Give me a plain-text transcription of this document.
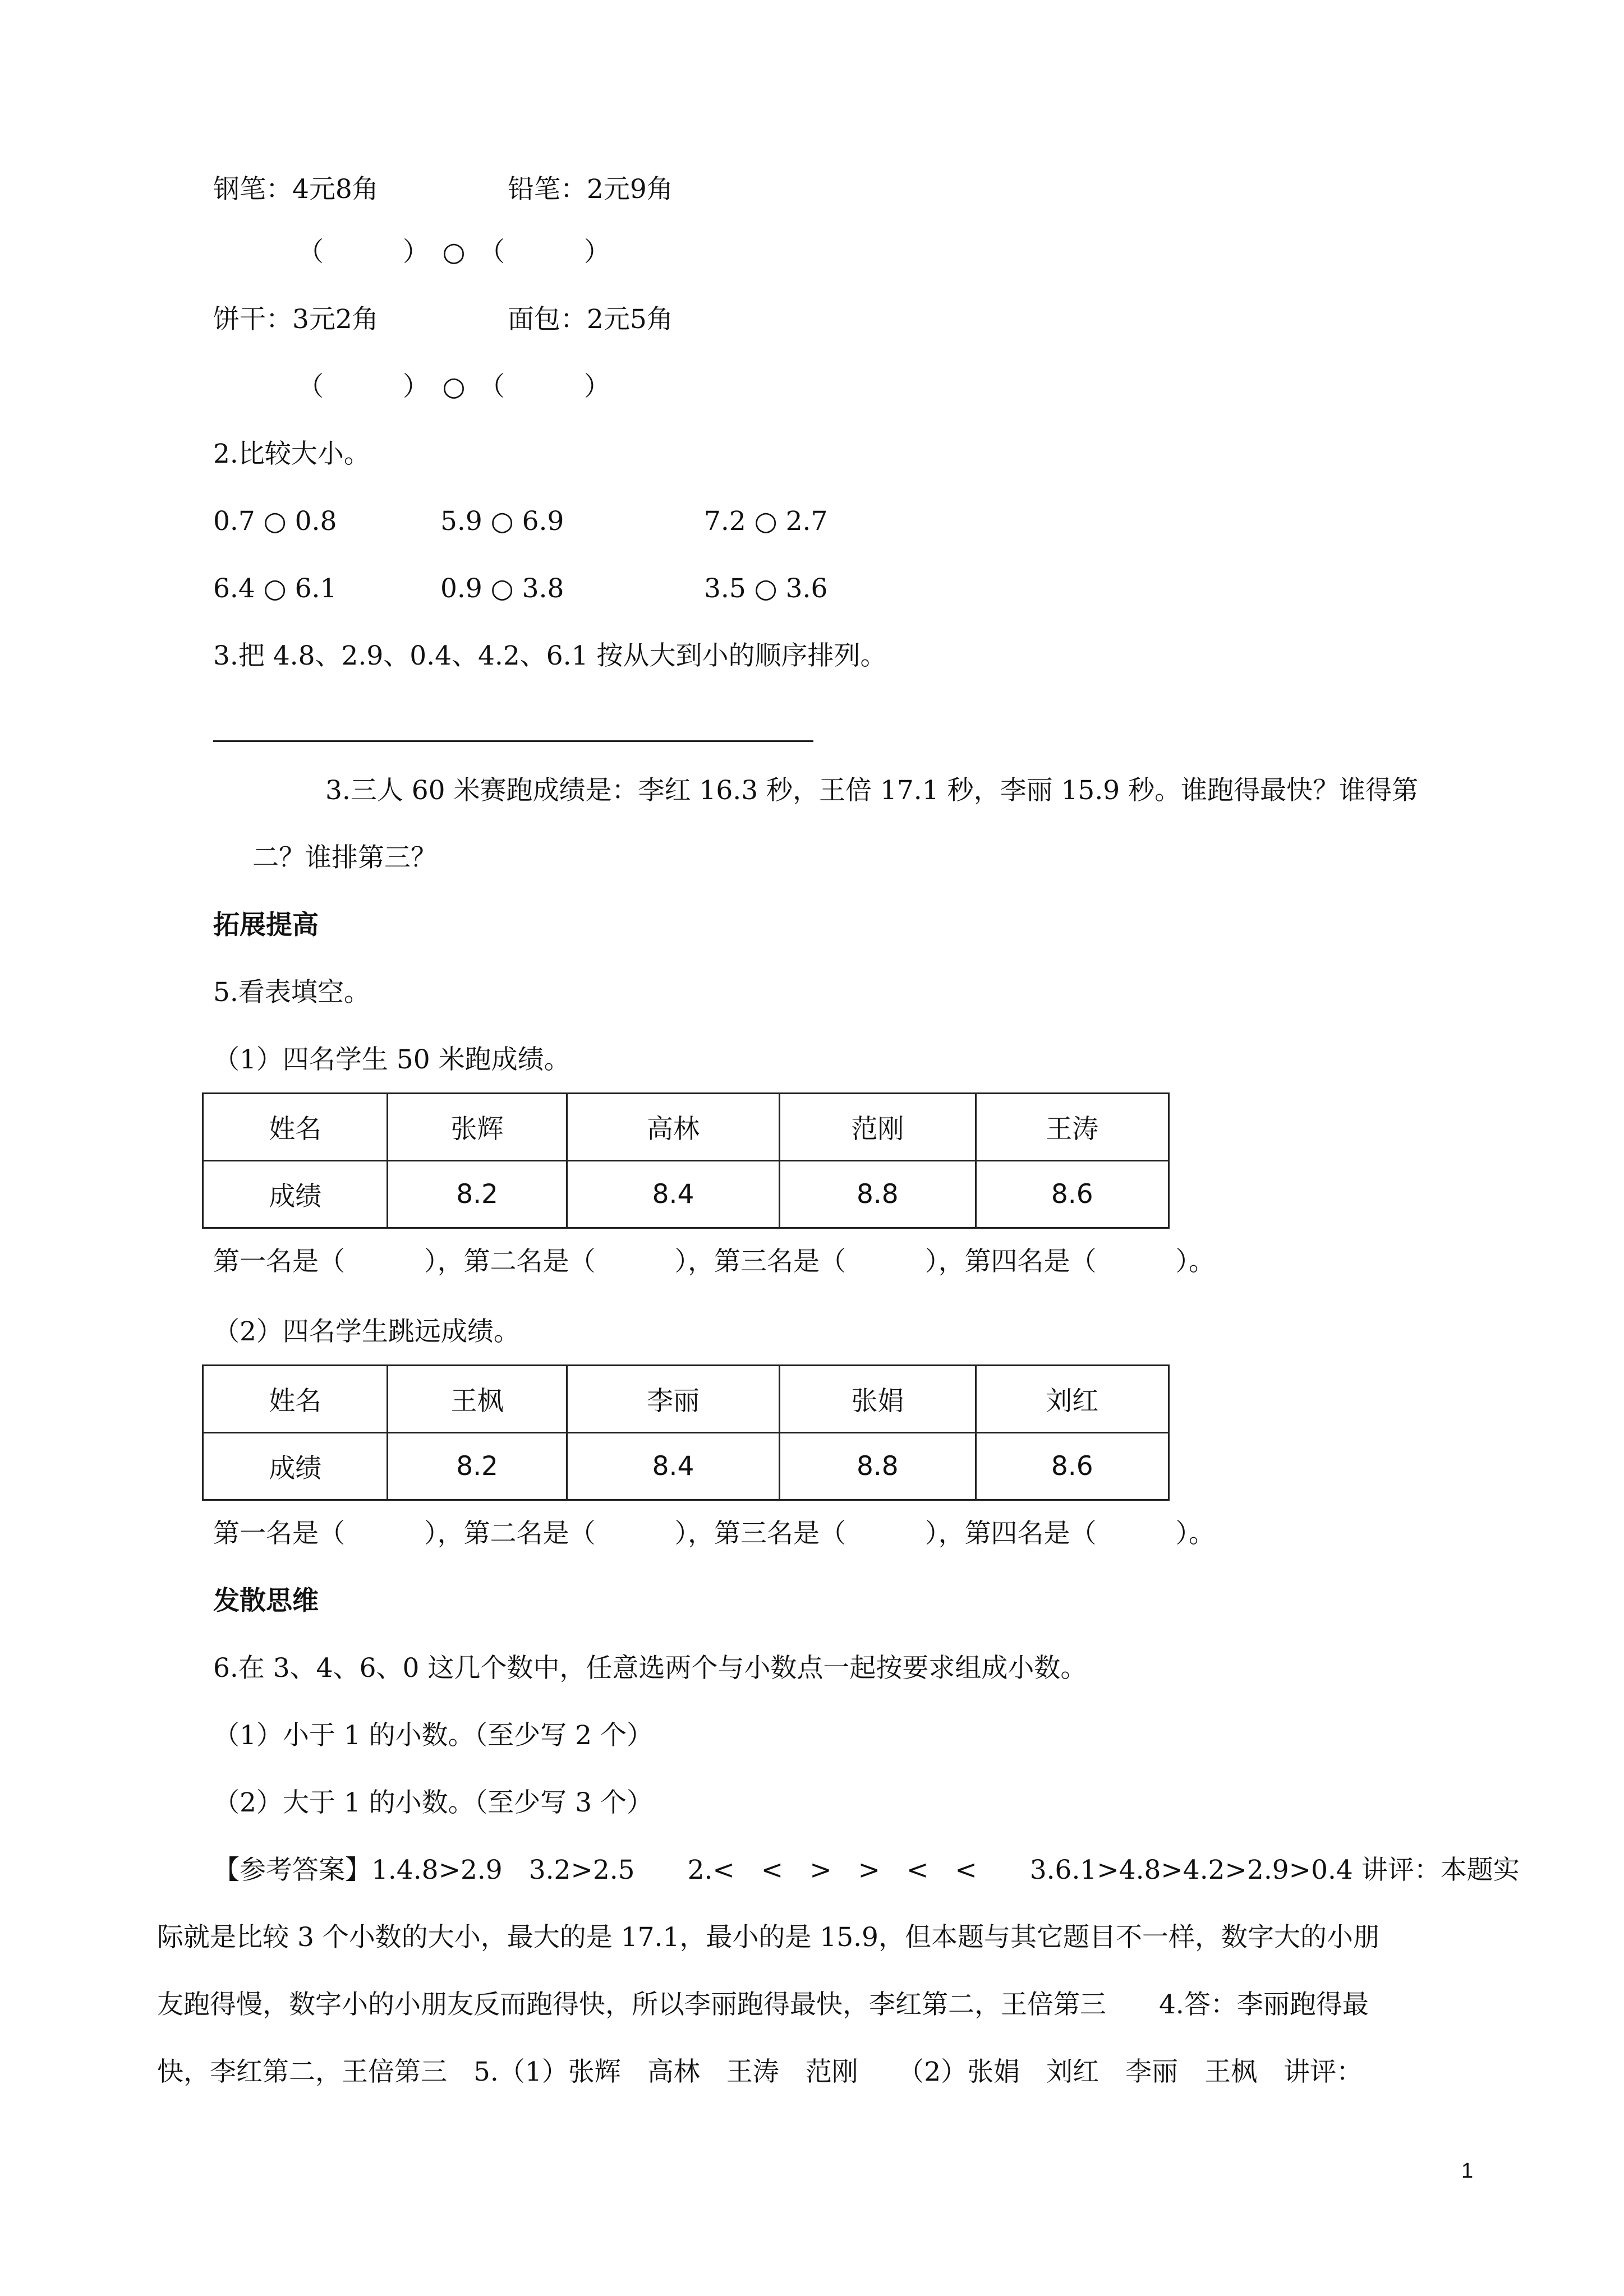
钢笔：4元8角	铅笔：2元9角
（　　　）　○　（　　　）
饼干：3元2角	面包：2元5角
（　　　）　○　（　　　）
2.比较大小。
0.7 ○ 0.8	5.9 ○ 6.9	7.2 ○ 2.7
6.4 ○ 6.1	0.9 ○ 3.8	3.5 ○ 3.6
3.把 4.8、2.9、0.4、4.2、6.1 按从大到小的顺序排列。
3.三人 60 米赛跑成绩是：李红 16.3 秒，王倍 17.1 秒，李丽 15.9 秒。谁跑得最快？谁得第
二？谁排第三？
拓展提高
5.看表填空。
（1）四名学生 50 米跑成绩。
姓名	张辉	高林	范刚	王涛
成绩	8.2	8.4	8.8	8.6
第一名是（　　　），第二名是（　　　），第三名是（　　　），第四名是（　　　）。
（2）四名学生跳远成绩。
姓名	王枫	李丽	张娟	刘红
成绩	8.2	8.4	8.8	8.6
第一名是（　　　），第二名是（　　　），第三名是（　　　），第四名是（　　　）。
发散思维
6.在 3、4、6、0 这几个数中，任意选两个与小数点一起按要求组成小数。
（1）小于 1 的小数。（至少写 2 个）
（2）大于 1 的小数。（至少写 3 个）
【参考答案】1.4.8>2.9　3.2>2.5　　2.<　<　>　>　<　<　　3.6.1>4.8>4.2>2.9>0.4 讲评：本题实
际就是比较 3 个小数的大小，最大的是 17.1，最小的是 15.9，但本题与其它题目不一样，数字大的小朋
友跑得慢，数字小的小朋友反而跑得快，所以李丽跑得最快，李红第二，王倍第三　　4.答：李丽跑得最
快，李红第二，王倍第三　5.（1）张辉　高林　王涛　范刚　　（2）张娟　刘红　李丽　王枫　讲评：
1
